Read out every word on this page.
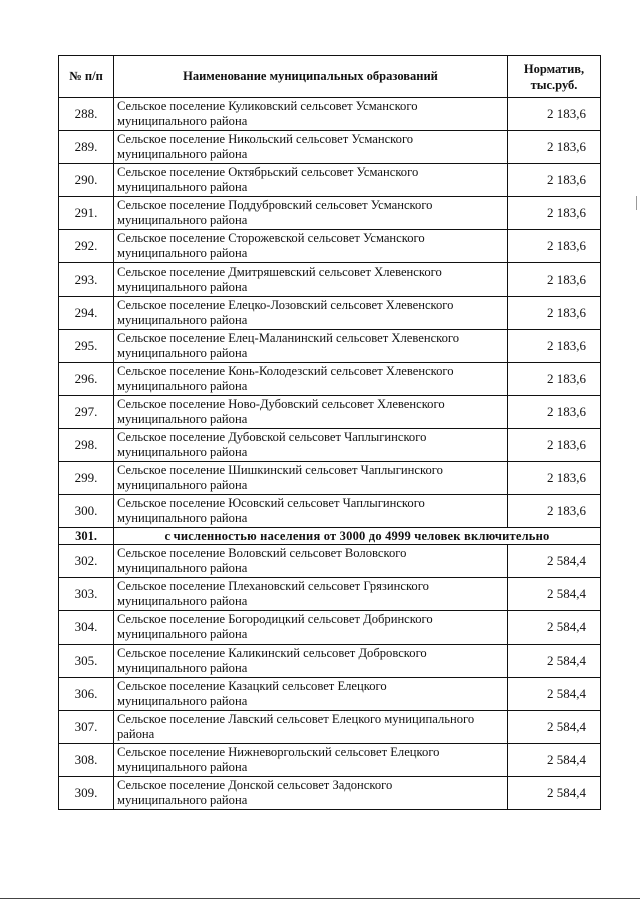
№ п/п	Наименование муниципальных образований	Норматив,
тыс.руб.
288.	Сельское поселение Куликовский сельсовет Усманского
муниципального района	2 183,6
289.	Сельское поселение Никольский сельсовет Усманского
муниципального района	2 183,6
290.	Сельское поселение Октябрьский сельсовет Усманского
муниципального района	2 183,6
291.	Сельское поселение Поддубровский сельсовет Усманского
муниципального района	2 183,6
292.	Сельское поселение Сторожевской сельсовет Усманского
муниципального района	2 183,6
293.	Сельское поселение Дмитряшевский сельсовет Хлевенского
муниципального района	2 183,6
294.	Сельское поселение Елецко-Лозовский сельсовет Хлевенского
муниципального района	2 183,6
295.	Сельское поселение Елец-Маланинский сельсовет Хлевенского
муниципального района	2 183,6
296.	Сельское поселение Конь-Колодезский сельсовет Хлевенского
муниципального района	2 183,6
297.	Сельское поселение Ново-Дубовский сельсовет Хлевенского
муниципального района	2 183,6
298.	Сельское поселение Дубовской сельсовет Чаплыгинского
муниципального района	2 183,6
299.	Сельское поселение Шишкинский сельсовет Чаплыгинского
муниципального района	2 183,6
300.	Сельское поселение Юсовский сельсовет Чаплыгинского
муниципального района	2 183,6
301.	с численностью населения от 3000 до 4999 человек включительно	
302.	Сельское поселение Воловский сельсовет Воловского
муниципального района	2 584,4
303.	Сельское поселение Плехановский сельсовет Грязинского
муниципального района	2 584,4
304.	Сельское поселение Богородицкий сельсовет Добринского
муниципального района	2 584,4
305.	Сельское поселение Каликинский сельсовет Добровского
муниципального района	2 584,4
306.	Сельское поселение Казацкий сельсовет Елецкого
муниципального района	2 584,4
307.	Сельское поселение Лавский сельсовет Елецкого муниципального
района	2 584,4
308.	Сельское поселение Нижневоргольский сельсовет Елецкого
муниципального района	2 584,4
309.	Сельское поселение Донской сельсовет Задонского
муниципального района	2 584,4
